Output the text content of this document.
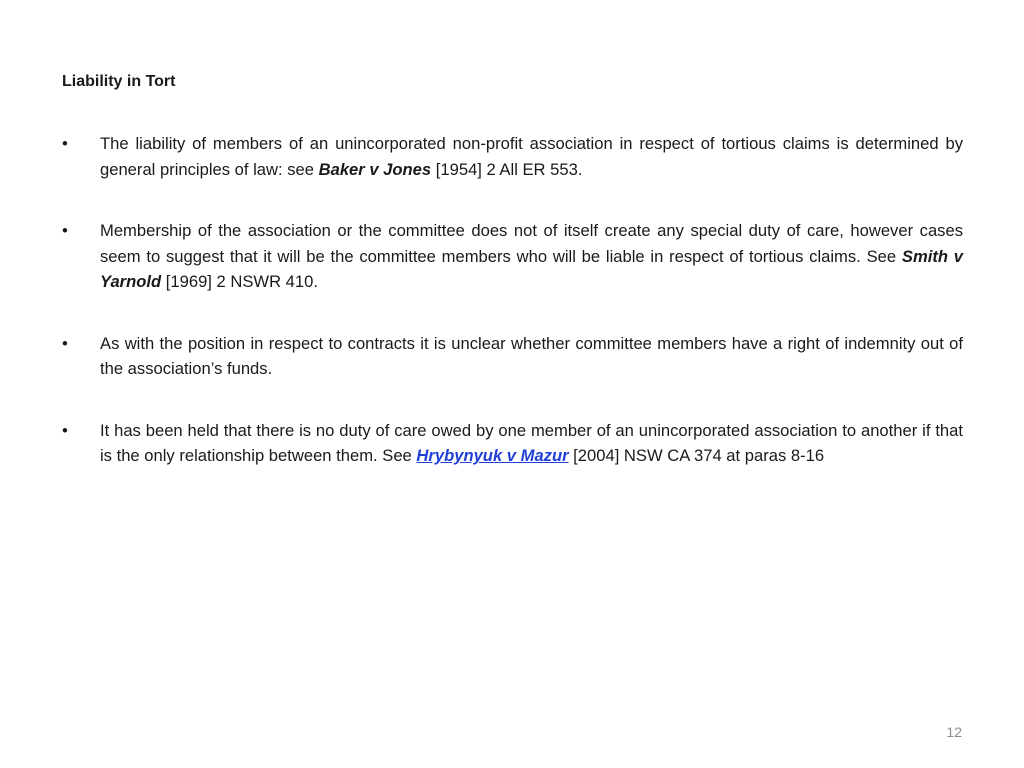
Liability in Tort
• The liability of members of an unincorporated non-profit association in respect of tortious claims is determined by general principles of law: see Baker v Jones [1954] 2 All ER 553.
• Membership of the association or the committee does not of itself create any special duty of care, however cases seem to suggest that it will be the committee members who will be liable in respect of tortious claims. See Smith v Yarnold [1969] 2 NSWR 410.
• As with the position in respect to contracts it is unclear whether committee members have a right of indemnity out of the association’s funds.
• It has been held that there is no duty of care owed by one member of an unincorporated association to another if that is the only relationship between them. See Hrybynyuk v Mazur [2004] NSW CA 374 at paras 8-16
12
